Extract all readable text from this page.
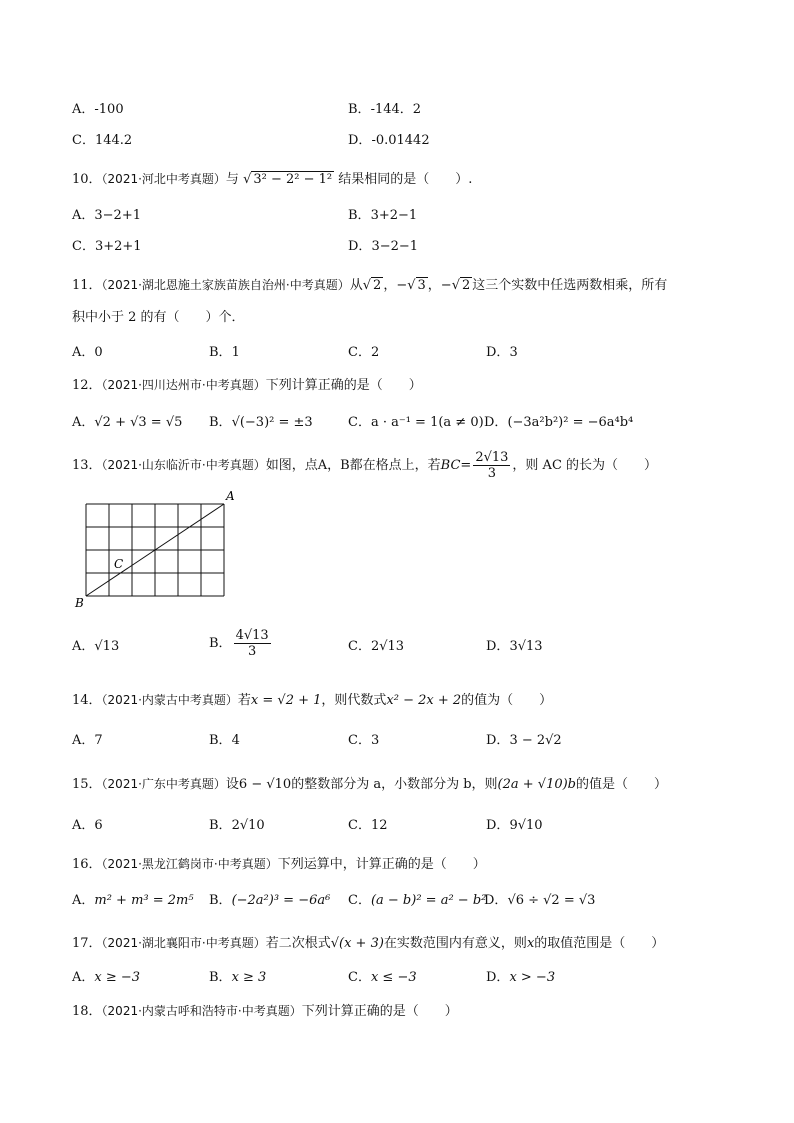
A．-100	B．-144．2
C．144.2	D．-0.01442
10．（2021·河北中考真题）与 √ 3² − 2² − 1² 结果相同的是（　　）.
A．3−2+1	B．3+2−1
C．3+2+1	D．3−2−1
11．（2021·湖北恩施土家族苗族自治州·中考真题）从√ 2 ，−√ 3 ，−√ 2 这三个实数中任选两数相乘，所有
积中小于 2 的有（　　）个．
A．0	B．1	C．2	D．3
12．（2021·四川达州市·中考真题）下列计算正确的是（　　）
A．√2 + √3 = √5 B．√(−3)² = ±3	C．a · a⁻¹ = 1(a ≠ 0) D．(−3a²b²)² = −6a⁴b⁴
13．（2021·山东临沂市·中考真题）如图，点A，B都在格点上，若$BC= \frac{2√13}{3}$ ，则 AC 的长为（　　）
A
B
C
A．√13	B． $\frac{4√13}{3}$	C．2√13	D．3√13
14．（2021·内蒙古中考真题）若x = √2 + 1，则代数式x² − 2x + 2的值为（　　）
A．7	B．4	C．3	D．3 − 2√2
15．（2021·广东中考真题）设6 − √10的整数部分为 a，小数部分为 b，则(2a + √10)b的值是（　　）
A．6	B．2√10	C．12	D．9√10
16．（2021·黑龙江鹤岗市·中考真题）下列运算中，计算正确的是（　　）
A．m² + m³ = 2m⁵ B．(−2a²)³ = −6a⁶ C．(a − b)² = a² − b²
D．√6 ÷ √2 = √3
17．（2021·湖北襄阳市·中考真题）若二次根式√(x + 3)在实数范围内有意义，则x的取值范围是（　　）
A．x ≥ −3	B．x ≥ 3	C．x ≤ −3	D．x > −3
18．（2021·内蒙古呼和浩特市·中考真题）下列计算正确的是（　　）
